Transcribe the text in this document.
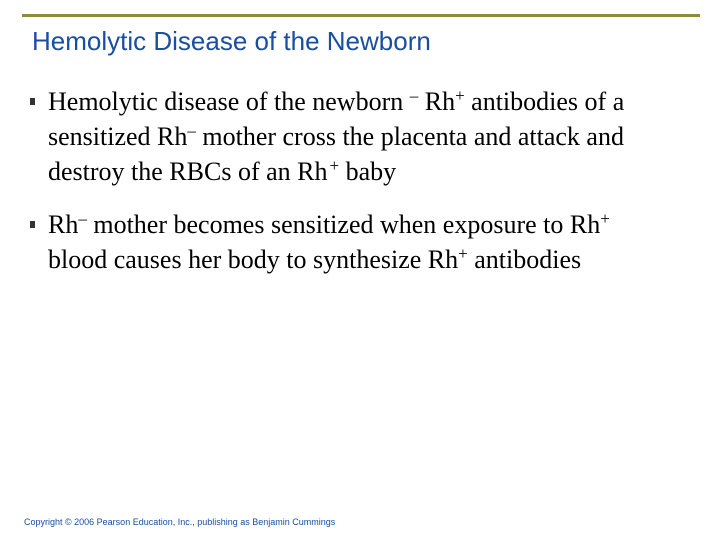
Hemolytic Disease of the Newborn
Hemolytic disease of the newborn – Rh+ antibodies of a sensitized Rh– mother cross the placenta and attack and destroy the RBCs of an Rh + baby
Rh– mother becomes sensitized when exposure to Rh+ blood causes her body to synthesize Rh+ antibodies
Copyright © 2006 Pearson Education, Inc., publishing as Benjamin Cummings
